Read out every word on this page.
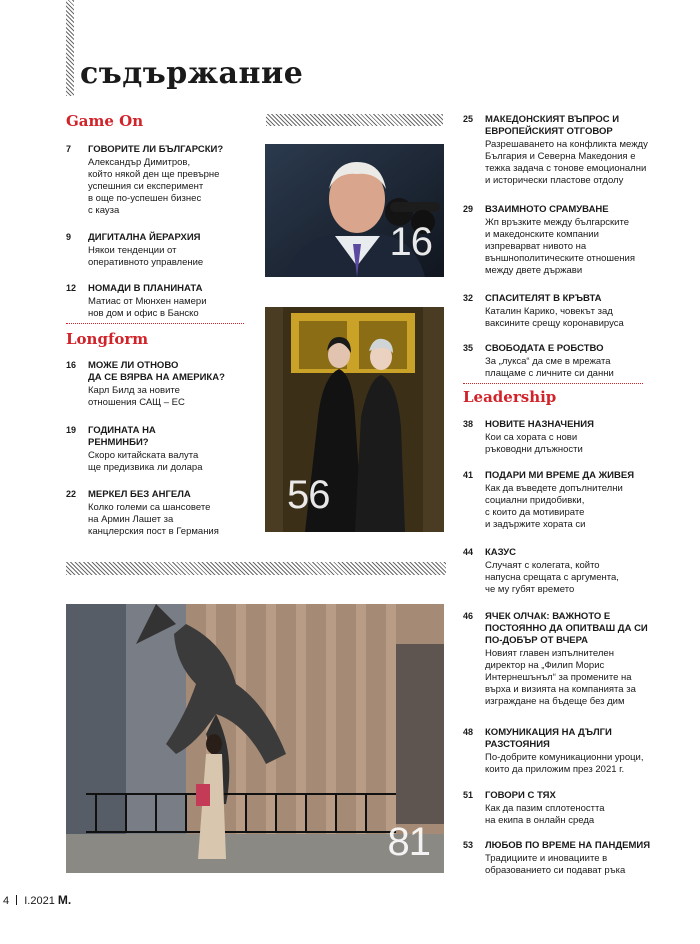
съдържание
Game On
7 ГОВОРИТЕ ЛИ БЪЛГАРСКИ?

Александър Димитров,
който някой ден ще превърне
успешния си експеримент
в още по-успешен бизнес
с кауза

9 ДИГИТАЛНА ЙЕРАРХИЯ

Някои тенденции от
оперативното управление

12 НОМАДИ В ПЛАНИНАТА

Матиас от Мюнхен намери
нов дом и офис в Банско

Longform
16 МОЖЕ ЛИ ОТНОВО
ДА СЕ ВЯРВА НА АМЕРИКА?

Карл Билд за новите
отношения САЩ – ЕС

19 ГОДИНАТА НА
РЕНМИНБИ?

Скоро китайската валута
ще предизвика ли долара

22 МЕРКЕЛ БЕЗ АНГЕЛА

Колко големи са шансовете
на Армин Лашет за
канцлерския пост в Германия

16
56
81
25 МАКЕДОНСКИЯТ ВЪПРОС И
ЕВРОПЕЙСКИЯТ ОТГОВОР

Разрешаването на конфликта между
България и Северна Македония е
тежка задача с тонове емоционални
и исторически пластове отдолу

29 ВЗАИМНОТО СРАМУВАНЕ

Жп връзките между българските
и македонските компании
изпреварват нивото на
външнополитическите отношения
между двете държави

32 СПАСИТЕЛЯТ В КРЪВТА

Каталин Карико, човекът зад
ваксините срещу коронавируса

35 СВОБОДАТА Е РОБСТВО

За „лукса“ да сме в мрежата
плащаме с личните си данни

Leadership
38 НОВИТЕ НАЗНАЧЕНИЯ

Кои са хората с нови
ръководни длъжности

41 ПОДАРИ МИ ВРЕМЕ ДА ЖИВЕЯ

Как да въведете допълнителни
социални придобивки,
с които да мотивирате
и задържите хората си

44 КАЗУС

Случаят с колегата, който
напусна срещата с аргумента,
че му губят времето

46 ЯЧЕК ОЛЧАК: ВАЖНОТО Е
ПОСТОЯННО ДА ОПИТВАШ ДА СИ
ПО-ДОБЪР ОТ ВЧЕРА

Новият главен изпълнителен
директор на „Филип Морис
Интернешънъл“ за промените на
върха и визията на компанията за
изграждане на бъдеще без дим

48 КОМУНИКАЦИЯ НА ДЪЛГИ
РАЗСТОЯНИЯ

По-добрите комуникационни уроци,
които да приложим през 2021 г.

51 ГОВОРИ С ТЯХ

Как да пазим сплотеността
на екипа в онлайн среда

53 ЛЮБОВ ПО ВРЕМЕ НА ПАНДЕМИЯ

Традициите и иновациите в
образованието си подават ръка

4 I.2021 M.
